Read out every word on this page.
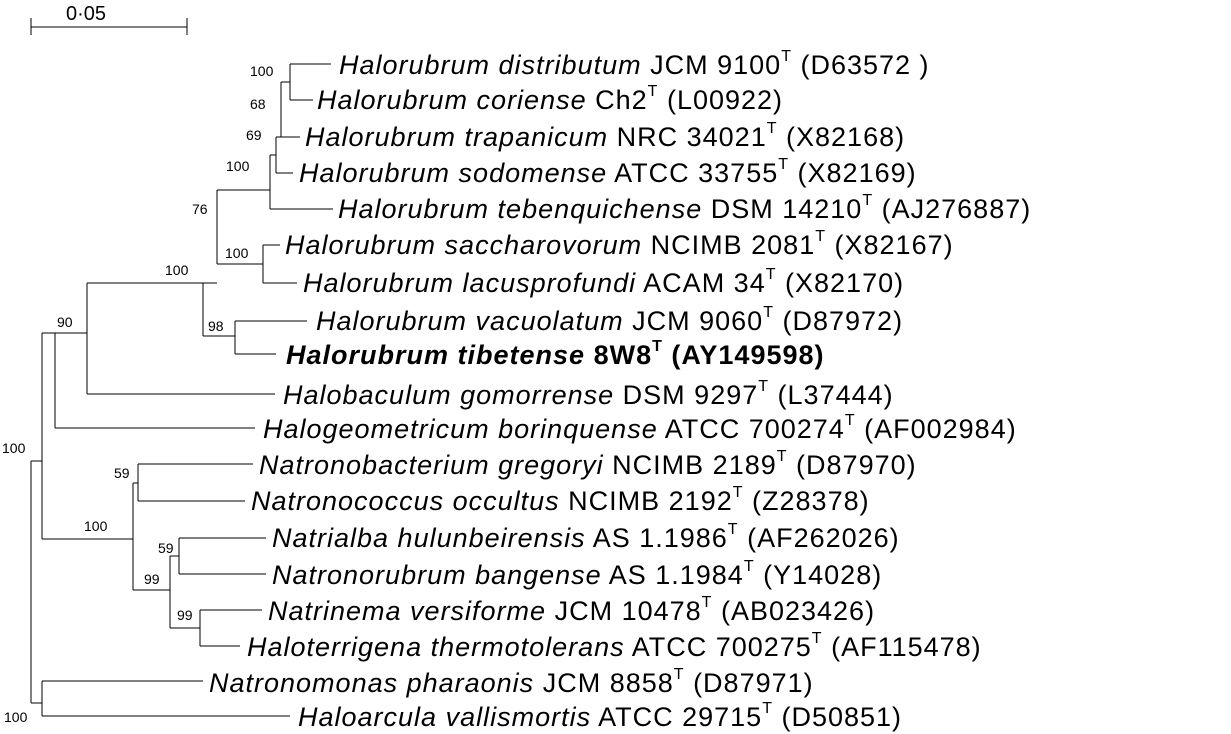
0·05
100
68
69
100
76
100
100
98
90
100
59
100
59
99
99
100
Halorubrum distributum JCM $9100^T$ (D63572 )
Halorubrum coriense $Ch2^T$ (L00922)
Halorubrum trapanicum NRC $34021^T$ (X82168)
Halorubrum sodomense ATCC $33755^T$ (X82169)
Halorubrum tebenquichense DSM $14210^T$ (AJ276887)
Halorubrum saccharovorum NCIMB $2081^T$ (X82167)
Halorubrum lacusprofundi ACAM $34^T$ (X82170)
Halorubrum vacuolatum JCM $9060^T$ (D87972)
Halorubrum tibetense $8W8^T$ (AY149598)
Halobaculum gomorrense DSM $9297^T$ (L37444)
Halogeometricum borinquense ATCC $700274^T$ (AF002984)
Natronobacterium gregoryi NCIMB $2189^T$ (D87970)
Natronococcus occultus NCIMB $2192^T$ (Z28378)
Natrialba hulunbeirensis AS $1.1986^T$ (AF262026)
Natronorubrum bangense AS $1.1984^T$ (Y14028)
Natrinema versiforme JCM $10478^T$ (AB023426)
Haloterrigena thermotolerans ATCC $700275^T$ (AF115478)
Natronomonas pharaonis JCM $8858^T$ (D87971)
Haloarcula vallismortis ATCC $29715^T$ (D50851)
